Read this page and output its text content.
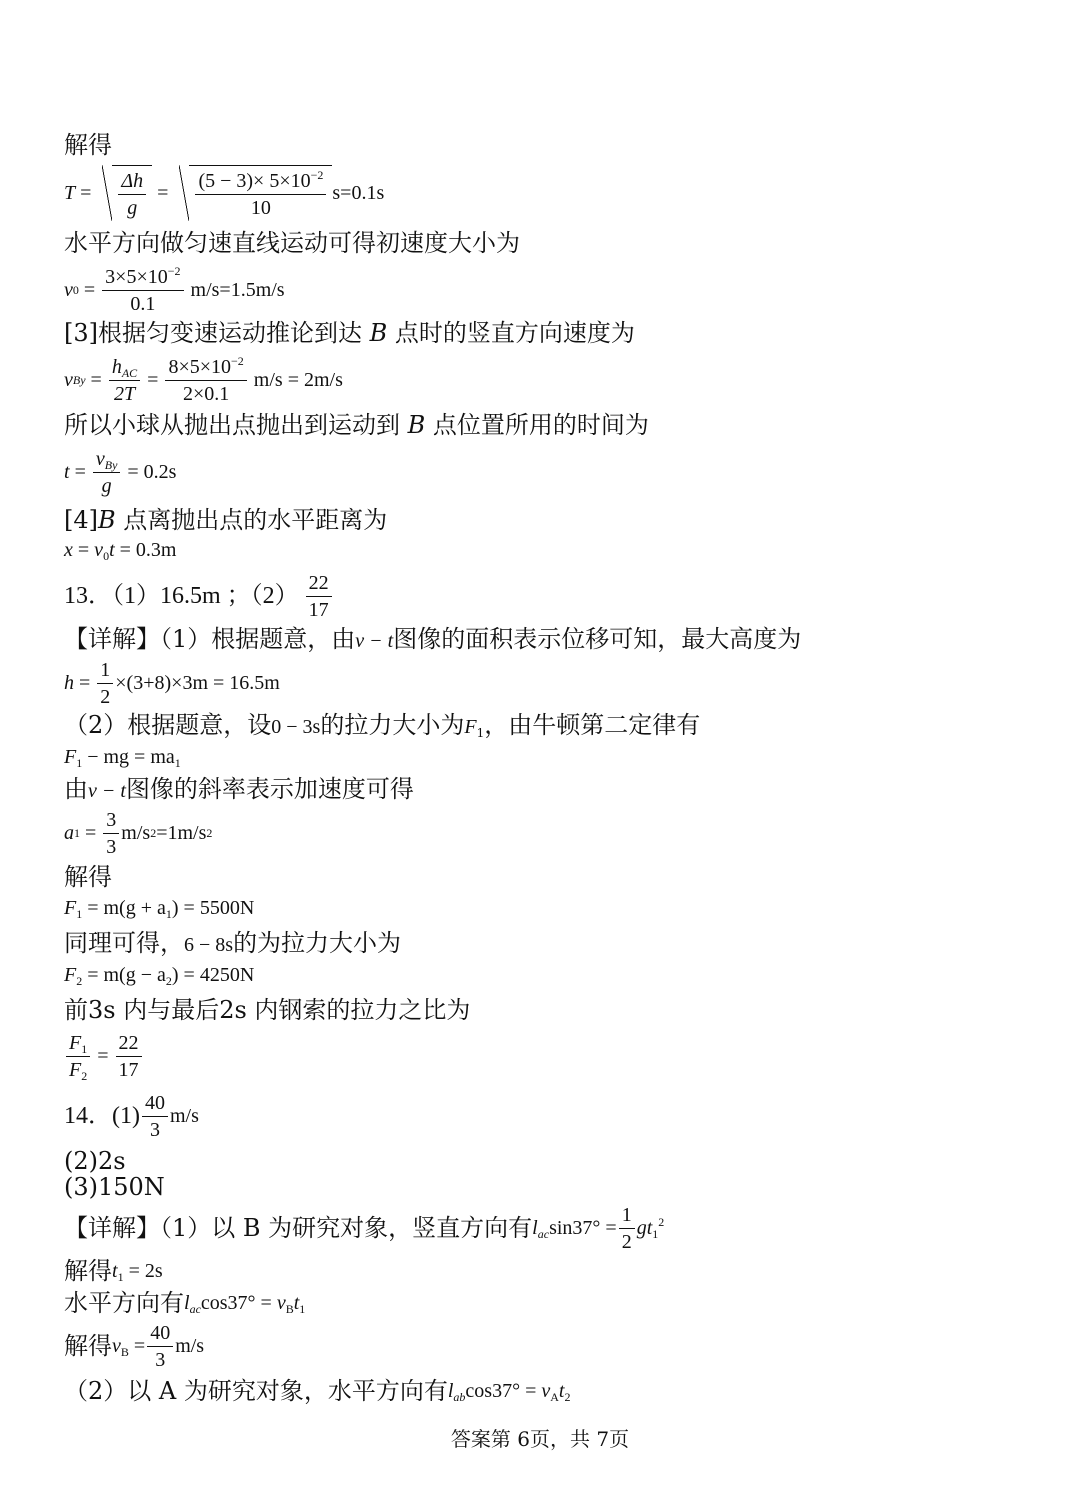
解得
$T = \frac{\Delta h}{g} = \frac{(5 - 3)\times 5\times 10^{-2}}{10} s=0.1s$
水平方向做匀速直线运动可得初速度大小为
v $0 = \frac{3\times 5\times 10^{-2}}{0.1}$
m/s=1.5m/s
[3]根据匀变速运动推论到达 B 点时的竖直方向速度为
v $By = \frac{h_{AC}}{2T} = \frac{8\times 5\times 10^{-2}}{2\times 0.1}$
m/s = 2m/s
所以小球从抛出点抛出到运动到 B 点位置所用的时间为
$t = \frac{v_{By}}{g}$
= 0.2s
[4]B 点离抛出点的水平距离为
$x = v_0t = 0.3m$
13．（1）16.5m ；（2）
$\frac{22}{17}$
【详解】（1）根据题意，由v − t图像的面积表示位移可知，最大高度为
$h = \frac{1}{2} \times(3+8)\times 3m = 16.5m$
（2）根据题意，设0 − 3s的拉力大小为$F_1$，由牛顿第二定律有
$F_1$ − mg = $ma_1$
由v − t图像的斜率表示加速度可得
a $1 = \frac{3}{3} m/s$ 2 =1m/s 2
解得
$F_1 = m(g + a_1) = 5500N$
同理可得，6 − 8s的为拉力大小为
$F_2 = m(g - a_2) = 4250N$
前3s 内与最后2s 内钢索的拉力之比为
$\frac{F_1}{F_2} = \frac{22}{17}$
14．$(1) \frac{40}{3} m/s$
(2)2s
(3)150N
【详解】（1）以 B 为研究对象，竖直方向有 $l_{ac}\sin 37^\circ = \frac{1}{2} gt_1^2$
解得 $t_1 = 2s$
水平方向有 $l_{ac}\cos 37^\circ = v_Bt_1$
解得 $v_B = \frac{40}{3} m/s$
（2）以 A 为研究对象，水平方向有 $l_{ab}\cos 37^\circ = v_At_2$
答案第 6页，共 7页
